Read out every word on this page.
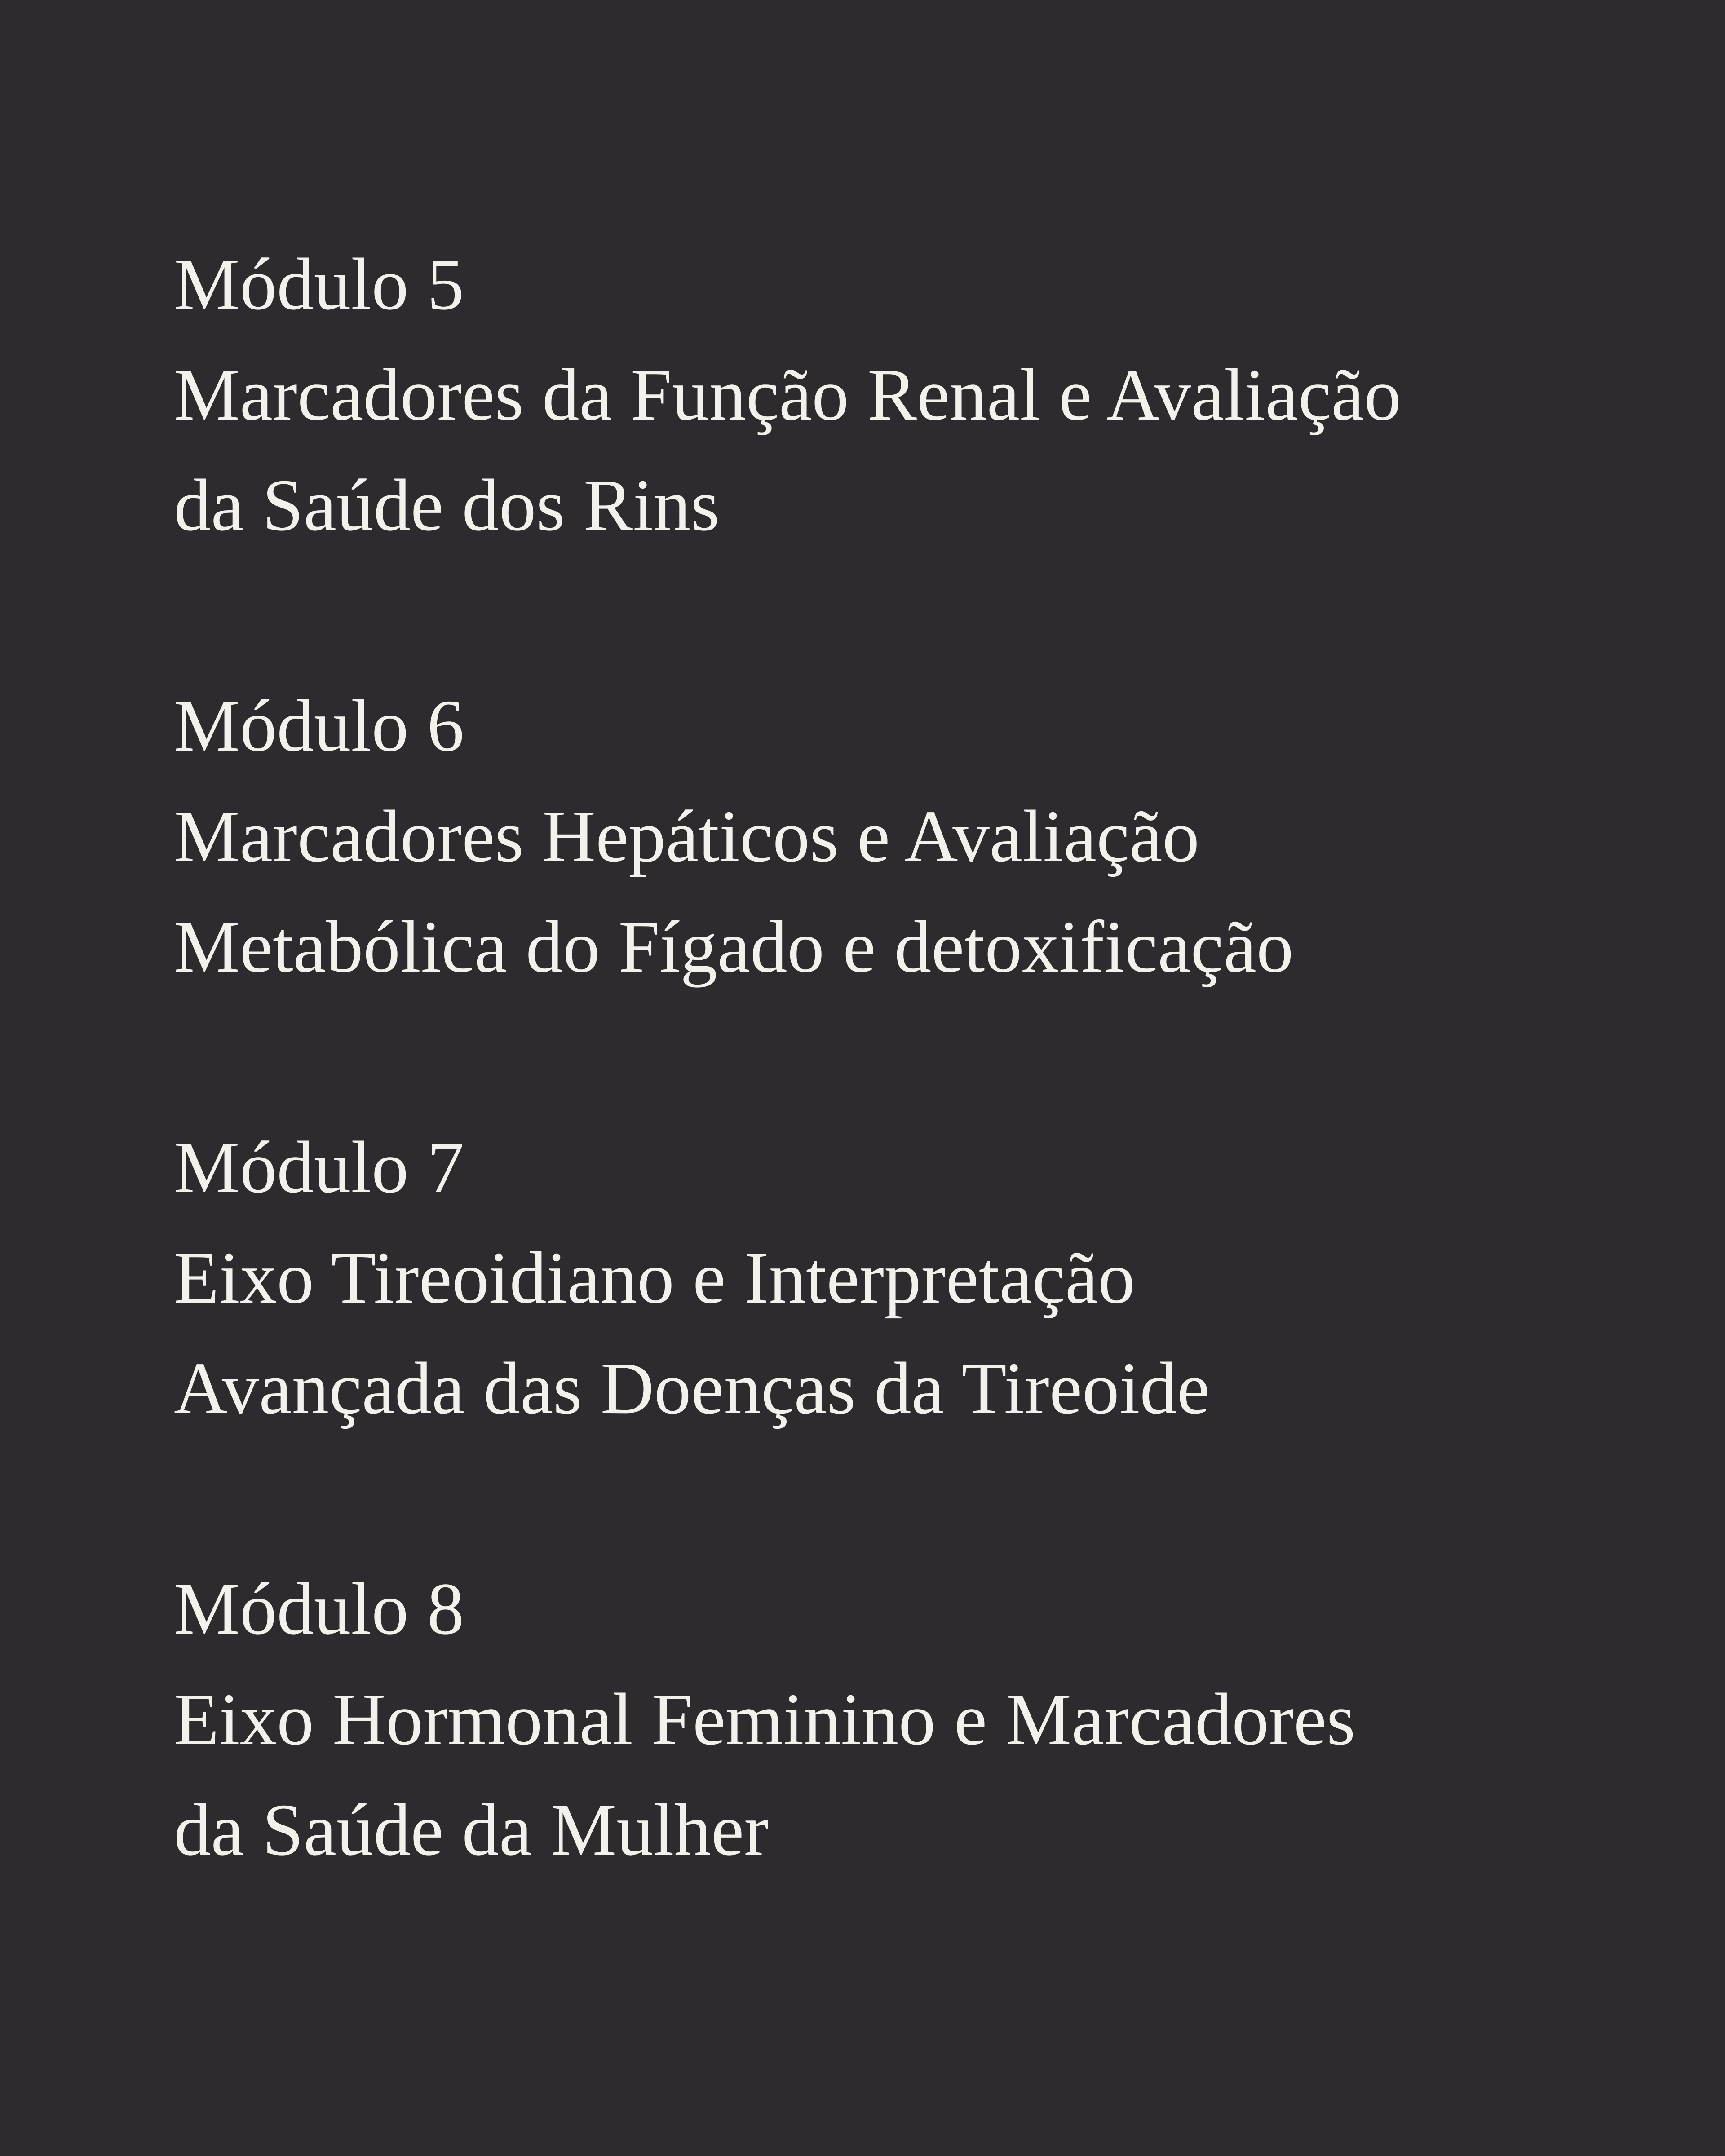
Módulo 5
Marcadores da Função Renal e Avaliação
da Saúde dos Rins
Módulo 6
Marcadores Hepáticos e Avaliação
Metabólica do Fígado e detoxificação
Módulo 7
Eixo Tireoidiano e Interpretação
Avançada das Doenças da Tireoide
Módulo 8
Eixo Hormonal Feminino e Marcadores
da Saúde da Mulher
